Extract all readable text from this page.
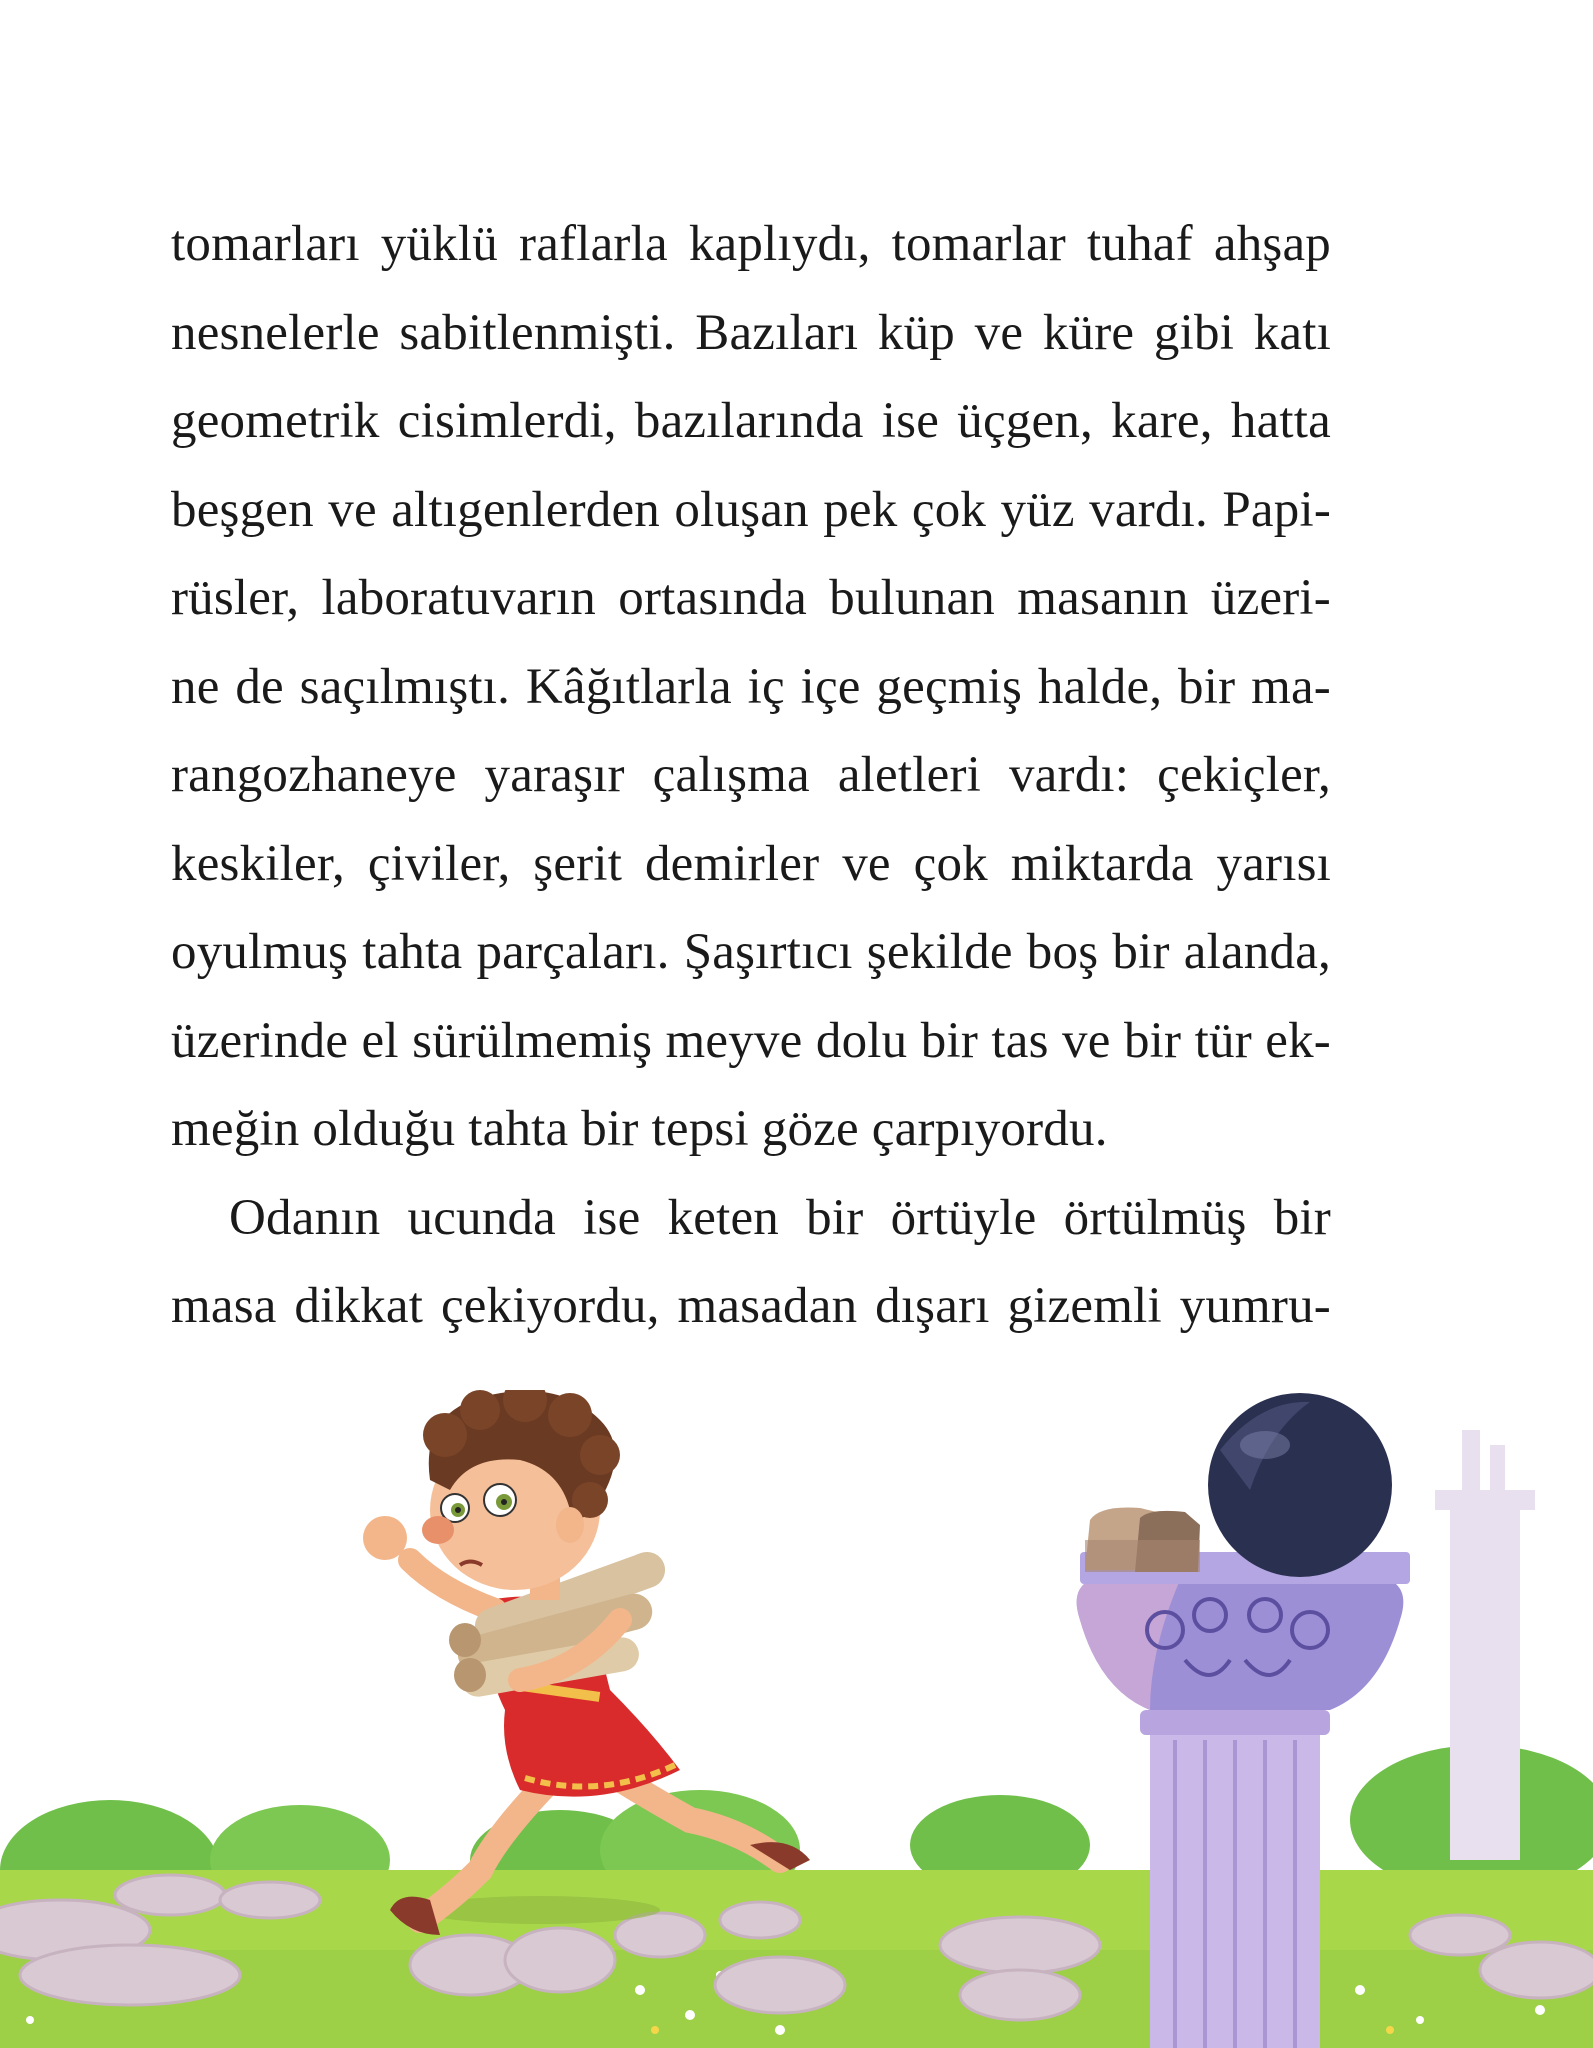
tomarları yüklü raflarla kaplıydı, tomarlar tuhaf ahşap
nesnelerle sabitlenmişti. Bazıları küp ve küre gibi katı
geometrik cisimlerdi, bazılarında ise üçgen, kare, hatta
beşgen ve altıgenlerden oluşan pek çok yüz vardı. Papi-
rüsler, laboratuvarın ortasında bulunan masanın üzeri-
ne de saçılmıştı. Kâğıtlarla iç içe geçmiş halde, bir ma-
rangozhaneye yaraşır çalışma aletleri vardı: çekiçler,
keskiler, çiviler, şerit demirler ve çok miktarda yarısı
oyulmuş tahta parçaları. Şaşırtıcı şekilde boş bir alanda,
üzerinde el sürülmemiş meyve dolu bir tas ve bir tür ek-
meğin olduğu tahta bir tepsi göze çarpıyordu.
Odanın ucunda ise keten bir örtüyle örtülmüş bir
masa dikkat çekiyordu, masadan dışarı gizemli yumru-
